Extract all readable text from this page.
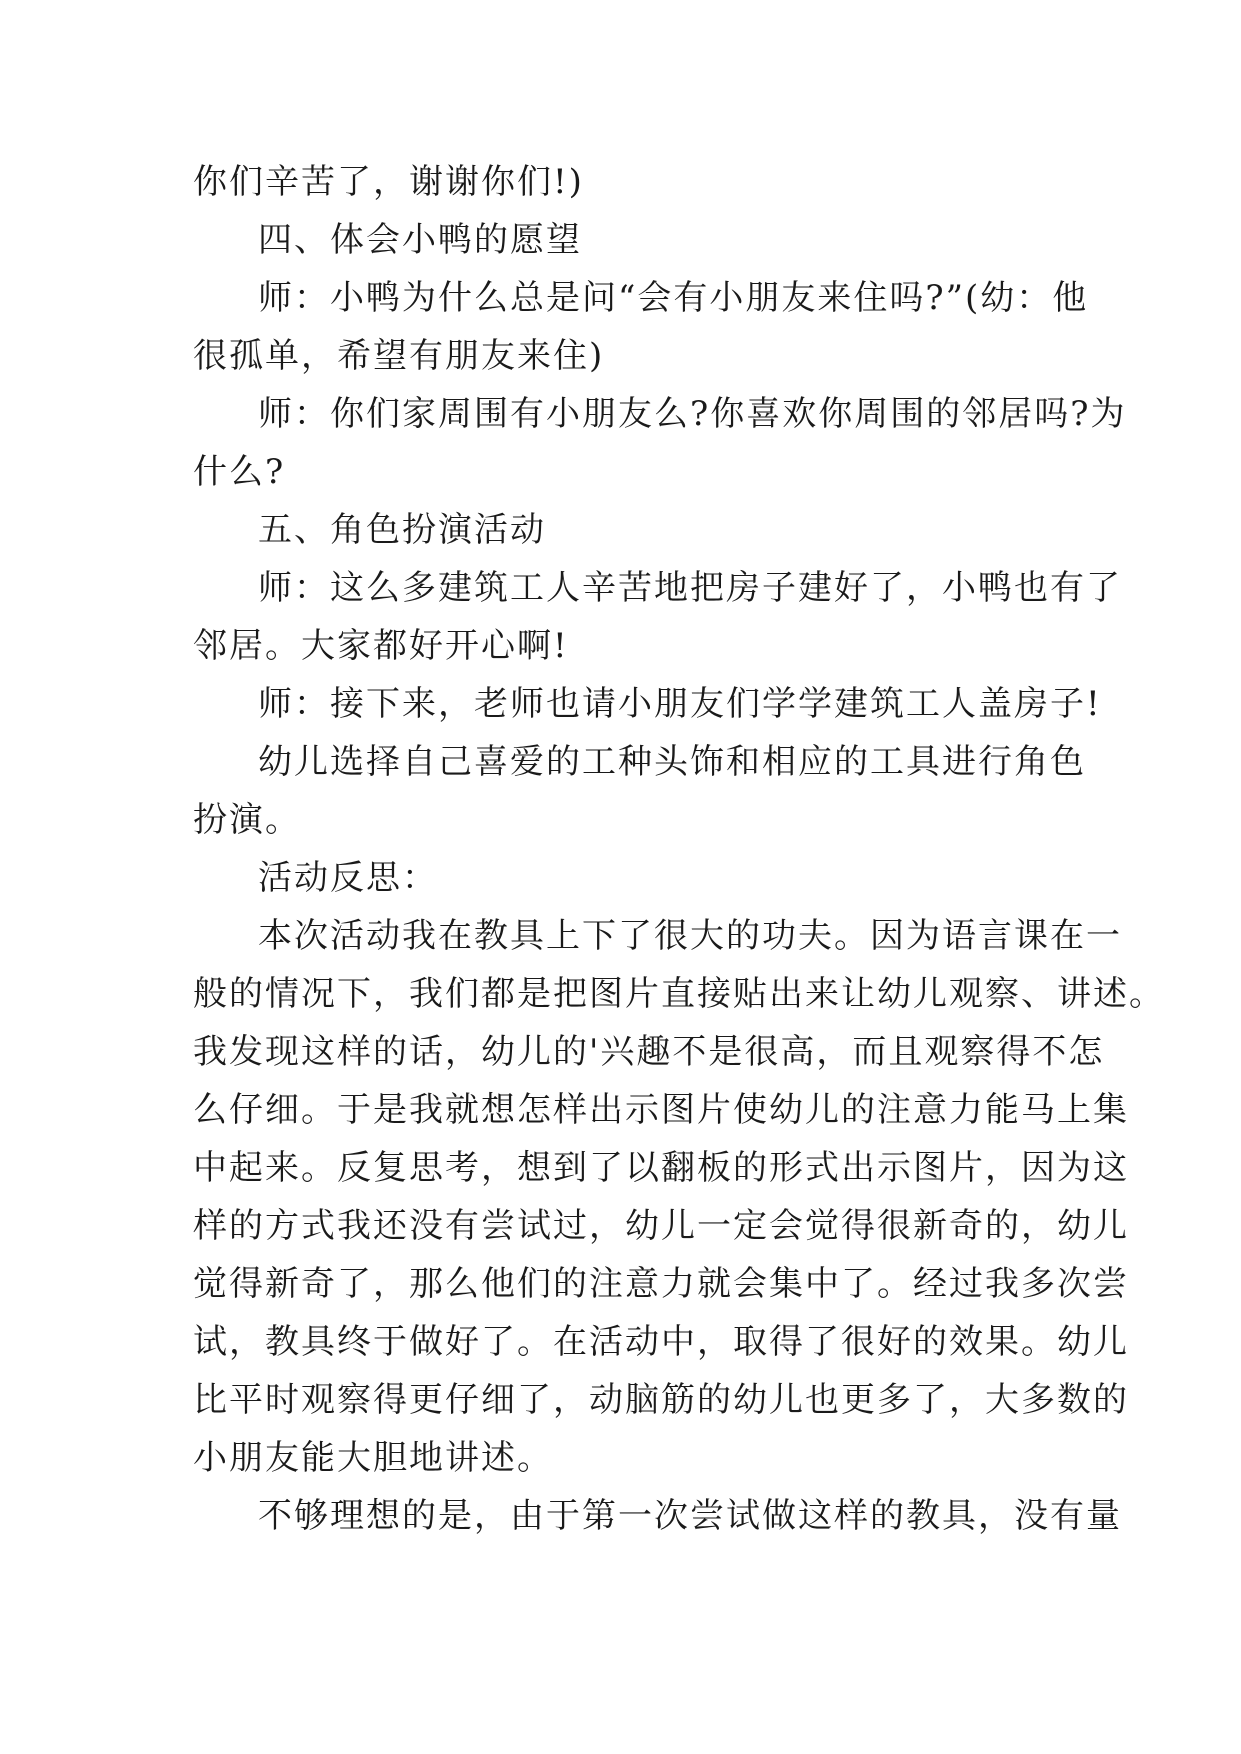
你们辛苦了，谢谢你们!)
四、体会小鸭的愿望
师：小鸭为什么总是问“会有小朋友来住吗?”(幼：他
很孤单，希望有朋友来住)
师：你们家周围有小朋友么?你喜欢你周围的邻居吗?为
什么?
五、角色扮演活动
师：这么多建筑工人辛苦地把房子建好了，小鸭也有了
邻居。大家都好开心啊!
师：接下来，老师也请小朋友们学学建筑工人盖房子!
幼儿选择自己喜爱的工种头饰和相应的工具进行角色
扮演。
活动反思：
本次活动我在教具上下了很大的功夫。因为语言课在一
般的情况下，我们都是把图片直接贴出来让幼儿观察、讲述。
我发现这样的话，幼儿的'兴趣不是很高，而且观察得不怎
么仔细。于是我就想怎样出示图片使幼儿的注意力能马上集
中起来。反复思考，想到了以翻板的形式出示图片，因为这
样的方式我还没有尝试过，幼儿一定会觉得很新奇的，幼儿
觉得新奇了，那么他们的注意力就会集中了。经过我多次尝
试，教具终于做好了。在活动中，取得了很好的效果。幼儿
比平时观察得更仔细了，动脑筋的幼儿也更多了，大多数的
小朋友能大胆地讲述。
不够理想的是，由于第一次尝试做这样的教具，没有量
